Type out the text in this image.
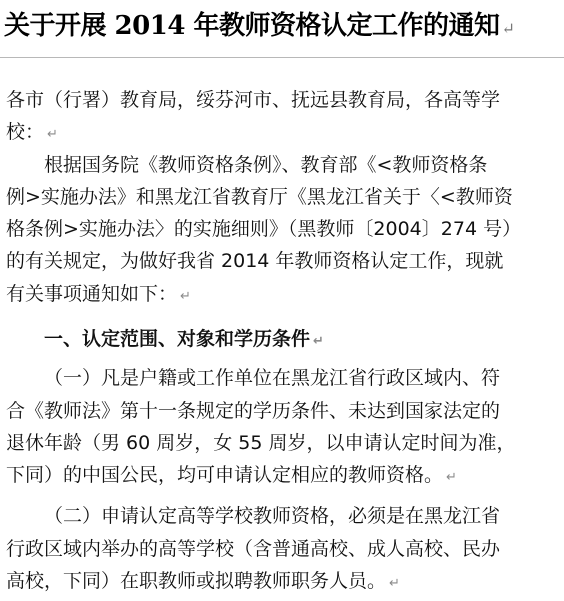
关于开展 2014 年教师资格认定工作的通知 ↵
各市（行署）教育局，绥芬河市、抚远县教育局，各高等学
校： ↵
根据国务院《教师资格条例》、教育部《<教师资格条
例>实施办法》和黑龙江省教育厅《黑龙江省关于〈<教师资
格条例>实施办法〉的实施细则》（黑教师〔2004〕274 号）
的有关规定，为做好我省 2014 年教师资格认定工作，现就
有关事项通知如下： ↵
一、认定范围、对象和学历条件 ↵
（一）凡是户籍或工作单位在黑龙江省行政区域内、符
合《教师法》第十一条规定的学历条件、未达到国家法定的
退休年龄（男 60 周岁，女 55 周岁，以申请认定时间为准，
下同）的中国公民，均可申请认定相应的教师资格。 ↵
（二）申请认定高等学校教师资格，必须是在黑龙江省
行政区域内举办的高等学校（含普通高校、成人高校、民办
高校，下同）在职教师或拟聘教师职务人员。 ↵
